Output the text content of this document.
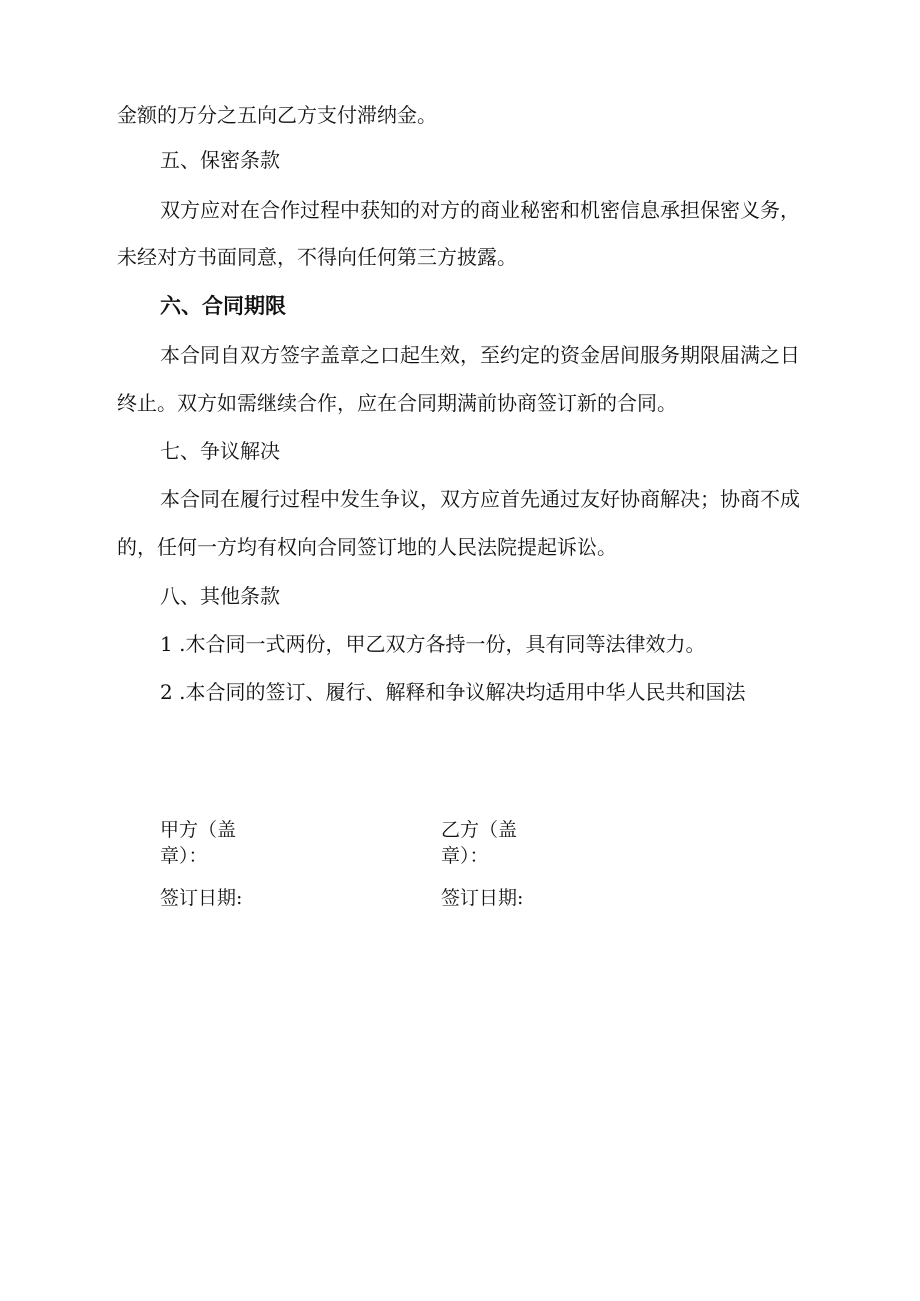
金额的万分之五向乙方支付滞纳金。

五、保密条款

双方应对在合作过程中获知的对方的商业秘密和机密信息承担保密义务，

未经对方书面同意，不得向任何第三方披露。

六、合同期限

本合同自双方签字盖章之口起生效，至约定的资金居间服务期限届满之日

终止。双方如需继续合作，应在合同期满前协商签订新的合同。

七、争议解决

本合同在履行过程中发生争议，双方应首先通过友好协商解决；协商不成

的，任何一方均有权向合同签订地的人民法院提起诉讼。

八、其他条款

1 .木合同一式两份，甲乙双方各持一份，具有同等法律效力。

2 .本合同的签订、履行、解释和争议解决均适用中华人民共和国法

甲方（盖

章）：

签订日期:

乙方（盖

章）：

签订日期:
